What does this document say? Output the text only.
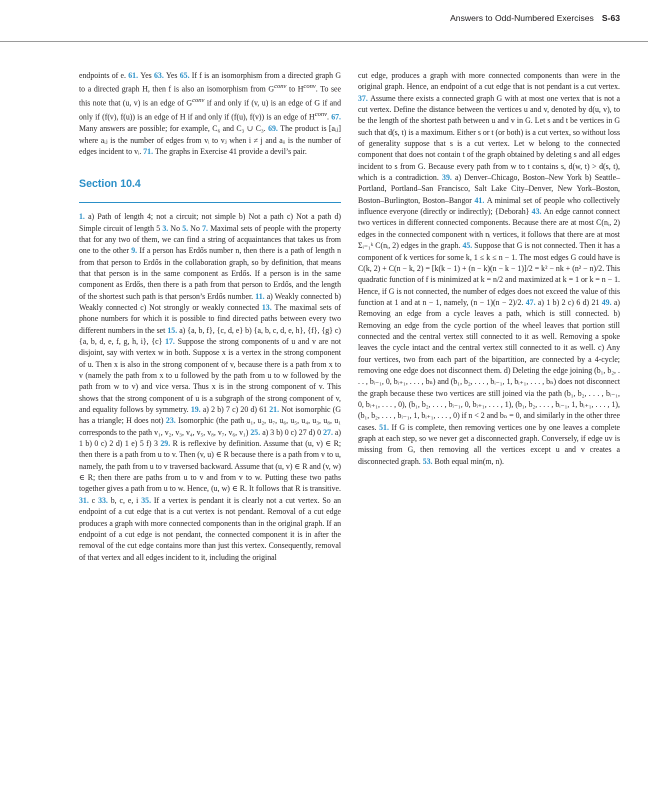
Answers to Odd-Numbered Exercises S-63

endpoints of e. 61. Yes 63. Yes 65. If f is an isomorphism from a directed graph G to a directed graph H, then f is also an isomorphism from $G^{conv}$ to $H^{conv}$. To see this note that (u, v) is an edge of $G^{conv}$ if and only if (v, u) is an edge of G if and only if (f(v), f(u)) is an edge of H if and only if (f(u), f(v)) is an edge of $H^{conv}$. 67. Many answers are possible; for example, C₆ and C₃ ∪ C₃. 69. The product is [aᵢⱼ] where aᵢⱼ is the number of edges from vᵢ to vⱼ when i ≠ j and aᵢᵢ is the number of edges incident to vᵢ. 71. The graphs in Exercise 41 provide a devil’s pair.

Section 10.4

1. a) Path of length 4; not a circuit; not simple b) Not a path c) Not a path d) Simple circuit of length 5 3. No 5. No 7. Maximal sets of people with the property that for any two of them, we can find a string of acquaintances that takes us from one to the other 9. If a person has Erdős number n, then there is a path of length n from that person to Erdős in the collaboration graph, so by definition, that means that that person is in the same component as Erdős. If a person is in the same component as Erdős, then there is a path from that person to Erdős, and the length of the shortest such path is that person’s Erdős number. 11. a) Weakly connected b) Weakly connected c) Not strongly or weakly connected 13. The maximal sets of phone numbers for which it is possible to find directed paths between every two different numbers in the set 15. a) {a, b, f}, {c, d, e} b) {a, b, c, d, e, h}, {f}, {g} c) {a, b, d, e, f, g, h, i}, {c} 17. Suppose the strong components of u and v are not disjoint, say with vertex w in both. Suppose x is a vertex in the strong component of u. Then x is also in the strong component of v, because there is a path from x to v (namely the path from x to u followed by the path from u to w followed by the path from w to v) and vice versa. Thus x is in the strong component of v. This shows that the strong component of u is a subgraph of the strong component of v, and equality follows by symmetry. 19. a) 2 b) 7 c) 20 d) 61 21. Not isomorphic (G has a triangle; H does not) 23. Isomorphic (the path u₁, u₂, u₇, u₆, u₅, u₄, u₃, u₈, u₁ corresponds to the path v₁, v₂, v₃, v₄, v₅, v₈, v₇, v₆, v₁) 25. a) 3 b) 0 c) 27 d) 0 27. a) 1 b) 0 c) 2 d) 1 e) 5 f) 3 29. R is reflexive by definition. Assume that (u, v) ∈ R; then there is a path from u to v. Then (v, u) ∈ R because there is a path from v to u, namely, the path from u to v traversed backward. Assume that (u, v) ∈ R and (v, w) ∈ R; then there are paths from u to v and from v to w. Putting these two paths together gives a path from u to w. Hence, (u, w) ∈ R. It follows that R is transitive. 31. c 33. b, c, e, i 35. If a vertex is pendant it is clearly not a cut vertex. So an endpoint of a cut edge that is a cut vertex is not pendant. Removal of a cut edge produces a graph with more connected components than in the original graph. If an endpoint of a cut edge is not pendant, the connected component it is in after the removal of the cut edge contains more than just this vertex. Consequently, removal of that vertex and all edges incident to it, including the original

cut edge, produces a graph with more connected components than were in the original graph. Hence, an endpoint of a cut edge that is not pendant is a cut vertex. 37. Assume there exists a connected graph G with at most one vertex that is not a cut vertex. Define the distance between the vertices u and v, denoted by d(u, v), to be the length of the shortest path between u and v in G. Let s and t be vertices in G such that d(s, t) is a maximum. Either s or t (or both) is a cut vertex, so without loss of generality suppose that s is a cut vertex. Let w belong to the connected component that does not contain t of the graph obtained by deleting s and all edges incident to s from G. Because every path from w to t contains s, d(w, t) > d(s, t), which is a contradiction. 39. a) Denver–Chicago, Boston–New York b) Seattle–Portland, Portland–San Francisco, Salt Lake City–Denver, New York–Boston, Boston–Burlington, Boston–Bangor 41. A minimal set of people who collectively influence everyone (directly or indirectly); {Deborah} 43. An edge cannot connect two vertices in different connected components. Because there are at most C(nᵢ, 2) edges in the connected component with nᵢ vertices, it follows that there are at most Σᵢ₌₁ᵏ C(nᵢ, 2) edges in the graph. 45. Suppose that G is not connected. Then it has a component of k vertices for some k, 1 ≤ k ≤ n − 1. The most edges G could have is C(k, 2) + C(n − k, 2) = [k(k − 1) + (n − k)(n − k − 1)]/2 = k² − nk + (n² − n)/2. This quadratic function of f is minimized at k = n/2 and maximized at k = 1 or k = n − 1. Hence, if G is not connected, the number of edges does not exceed the value of this function at 1 and at n − 1, namely, (n − 1)(n − 2)/2. 47. a) 1 b) 2 c) 6 d) 21 49. a) Removing an edge from a cycle leaves a path, which is still connected. b) Removing an edge from the cycle portion of the wheel leaves that portion still connected and the central vertex still connected to it as well. Removing a spoke leaves the cycle intact and the central vertex still connected to it as well. c) Any four vertices, two from each part of the bipartition, are connected by a 4-cycle; removing one edge does not disconnect them. d) Deleting the edge joining (b₁, b₂, . . . , bᵢ₋₁, 0, bᵢ₊₁, . . . , bₙ) and (b₁, b₂, . . . , bᵢ₋₁, 1, bᵢ₊₁, . . . , bₙ) does not disconnect the graph because these two vertices are still joined via the path (b₁, b₂, . . . , bᵢ₋₁, 0, bᵢ₊₁, . . . , 0), (b₁, b₂, . . . , bᵢ₋₁, 0, bᵢ₊₁, . . . , 1), (b₁, b₂, . . . , bᵢ₋₁, 1, bᵢ₊₁, . . . , 1), (b₁, b₂, . . . , bᵢ₋₁, 1, bᵢ₊₁, . . . , 0) if n < 2 and bₙ = 0, and similarly in the other three cases. 51. If G is complete, then removing vertices one by one leaves a complete graph at each step, so we never get a disconnected graph. Conversely, if edge uv is missing from G, then removing all the vertices except u and v creates a disconnected graph. 53. Both equal min(m, n).
